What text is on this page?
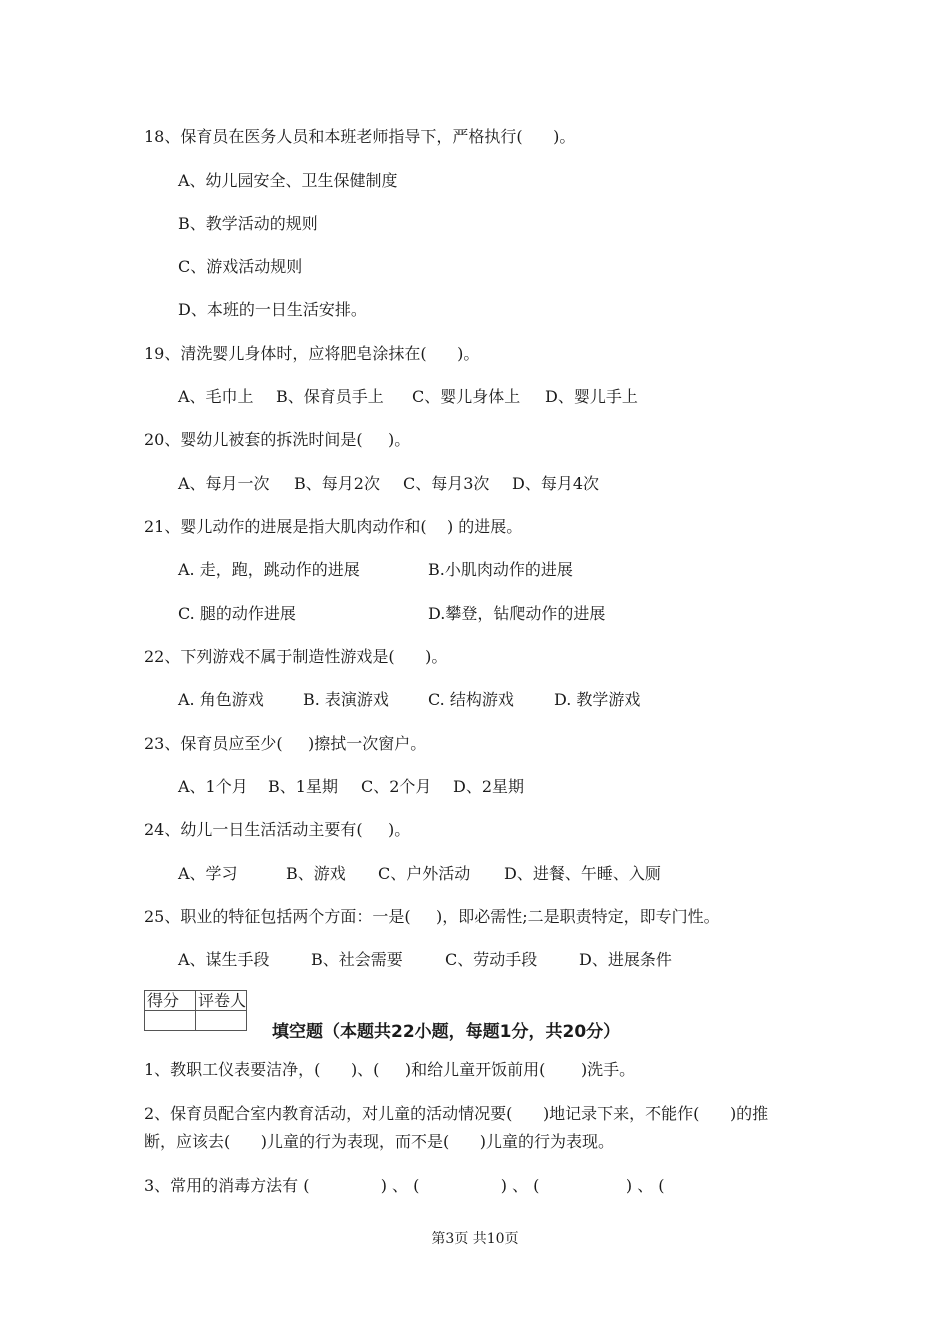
18、保育员在医务人员和本班老师指导下，严格执行(      )。
A、幼儿园安全、卫生保健制度
B、教学活动的规则
C、游戏活动规则
D、本班的一日生活安排。
19、清洗婴儿身体时，应将肥皂涂抹在(      )。
A、毛巾上 B、保育员手上 C、婴儿身体上 D、婴儿手上
20、婴幼儿被套的拆洗时间是(     )。
A、每月一次 B、每月2次 C、每月3次 D、每月4次
21、婴儿动作的进展是指大肌肉动作和(    ) 的进展。
A. 走，跑，跳动作的进展	B.小肌肉动作的进展
C. 腿的动作进展	D.攀登，钻爬动作的进展
22、下列游戏不属于制造性游戏是(      )。
A. 角色游戏 B. 表演游戏 C. 结构游戏	D. 教学游戏
23、保育员应至少(     )擦拭一次窗户。
A、1个月 B、1星期 C、2个月 D、2星期
24、幼儿一日生活活动主要有(     )。
A、学习	B、游戏 C、户外活动 D、进餐、午睡、入厕
25、职业的特征包括两个方面：一是(     )，即必需性;二是职责特定，即专门性。
A、谋生手段	B、社会需要	C、劳动手段	D、进展条件
得分	评卷人

填空题（本题共22小题，每题1分，共20分）
1、教职工仪表要洁净，(      )、(     )和给儿童开饭前用(       )洗手。
2、保育员配合室内教育活动，对儿童的活动情况要(      )地记录下来，不能作(      )的推
断，应该去(      )儿童的行为表现，而不是(      )儿童的行为表现。
3、常用的消毒方法有 (              ) 、 (                ) 、 (                 ) 、 (
第3页 共10页
